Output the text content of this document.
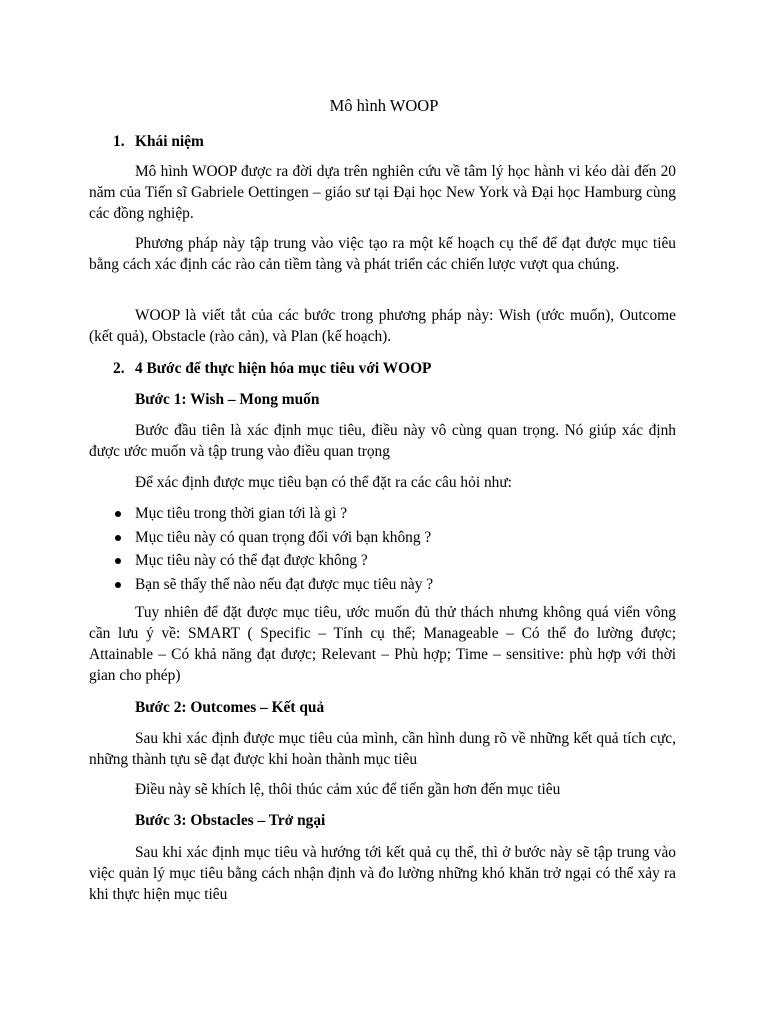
Mô hình WOOP
1. Khái niệm

Mô hình WOOP được ra đời dựa trên nghiên cứu về tâm lý học hành vi kéo dài đến 20 năm của Tiến sĩ Gabriele Oettingen – giáo sư tại Đại học New York và Đại học Hamburg cùng các đồng nghiệp.

Phương pháp này tập trung vào việc tạo ra một kế hoạch cụ thể để đạt được mục tiêu bằng cách xác định các rào cản tiềm tàng và phát triển các chiến lược vượt qua chúng.

WOOP là viết tắt của các bước trong phương pháp này: Wish (ước muốn), Outcome (kết quả), Obstacle (rào cản), và Plan (kế hoạch).

2. 4 Bước để thực hiện hóa mục tiêu với WOOP
Bước 1: Wish – Mong muốn

Bước đầu tiên là xác định mục tiêu, điều này vô cùng quan trọng. Nó giúp xác định được ước muốn và tập trung vào điều quan trọng

Để xác định được mục tiêu bạn có thể đặt ra các câu hỏi như:

Mục tiêu trong thời gian tới là gì ?
Mục tiêu này có quan trọng đối với bạn không ?
Mục tiêu này có thể đạt được không ?
Bạn sẽ thấy thế nào nếu đạt được mục tiêu này ?

Tuy nhiên để đặt được mục tiêu, ước muốn đủ thử thách nhưng không quá viển vông cần lưu ý về: SMART ( Specific – Tính cụ thể; Manageable – Có thể đo lường được; Attainable – Có khả năng đạt được; Relevant – Phù hợp; Time – sensitive: phù hợp với thời gian cho phép)

Bước 2: Outcomes – Kết quả

Sau khi xác định được mục tiêu của mình, cần hình dung rõ về những kết quả tích cực, những thành tựu sẽ đạt được khi hoàn thành mục tiêu

Điều này sẽ khích lệ, thôi thúc cảm xúc để tiến gần hơn đến mục tiêu

Bước 3: Obstacles – Trở ngại

Sau khi xác định mục tiêu và hướng tới kết quả cụ thể, thì ở bước này sẽ tập trung vào việc quản lý mục tiêu bằng cách nhận định và đo lường những khó khăn trở ngại có thể xảy ra khi thực hiện mục tiêu
